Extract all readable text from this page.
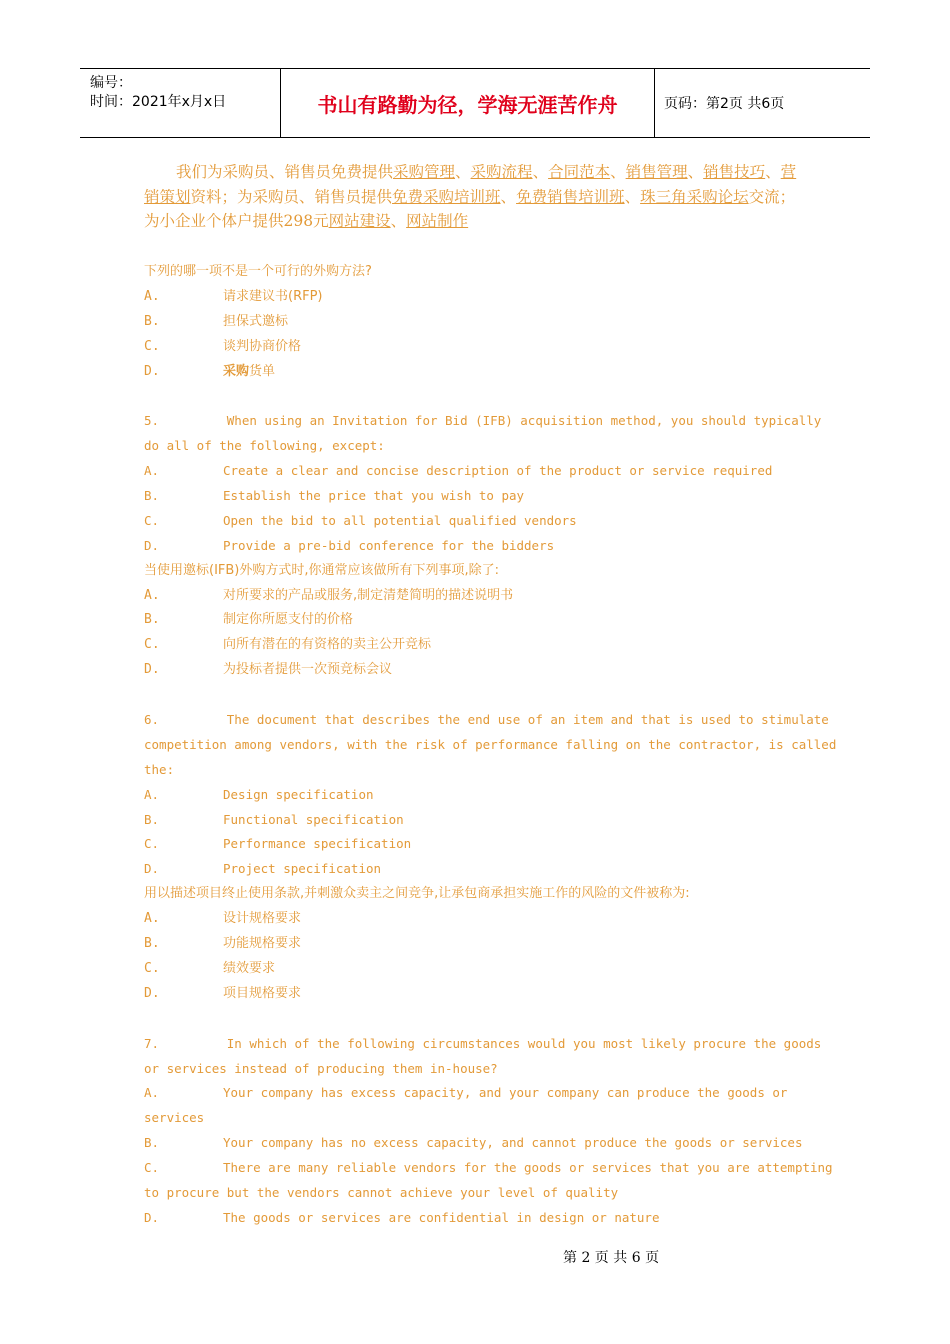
编号：
时间：2021年x月x日	书山有路勤为径，学海无涯苦作舟	页码：第2页 共6页
我们为采购员、销售员免费提供采购管理、采购流程、合同范本、销售管理、销售技巧、营销策划资料；为采购员、销售员提供免费采购培训班、免费销售培训班、珠三角采购论坛交流；为小企业个体户提供298元网站建设、网站制作
下列的哪一项不是一个可行的外购方法?
A.	请求建议书(RFP)
B.	担保式邀标
C.	谈判协商价格
D.	采购 货单
5.         When using an Invitation for Bid (IFB) acquisition method, you should typically
do all of the following, except:
A.	Create a clear and concise description of the product or service required
B.	Establish the price that you wish to pay
C.	Open the bid to all potential qualified vendors
D.	Provide a pre-bid conference for the bidders
当使用邀标(IFB)外购方式时,你通常应该做所有下列事项,除了:
A.	对所要求的产品或服务,制定清楚简明的描述说明书
B.	制定你所愿支付的价格
C.	向所有潜在的有资格的卖主公开竞标
D.	为投标者提供一次预竞标会议
6.         The document that describes the end use of an item and that is used to stimulate
competition among vendors, with the risk of performance falling on the contractor, is called
the:
A.	Design specification
B.	Functional specification
C.	Performance specification
D.	Project specification
用以描述项目终止使用条款,并刺激众卖主之间竞争,让承包商承担实施工作的风险的文件被称为:
A.	设计规格要求
B.	功能规格要求
C.	绩效要求
D.	项目规格要求
7.         In which of the following circumstances would you most likely procure the goods
or services instead of producing them in-house?
A.	Your company has excess capacity, and your company can produce the goods or
services
B.	Your company has no excess capacity, and cannot produce the goods or services
C.	There are many reliable vendors for the goods or services that you are attempting
to procure but the vendors cannot achieve your level of quality
D.	The goods or services are confidential in design or nature
第 2 页 共 6 页
